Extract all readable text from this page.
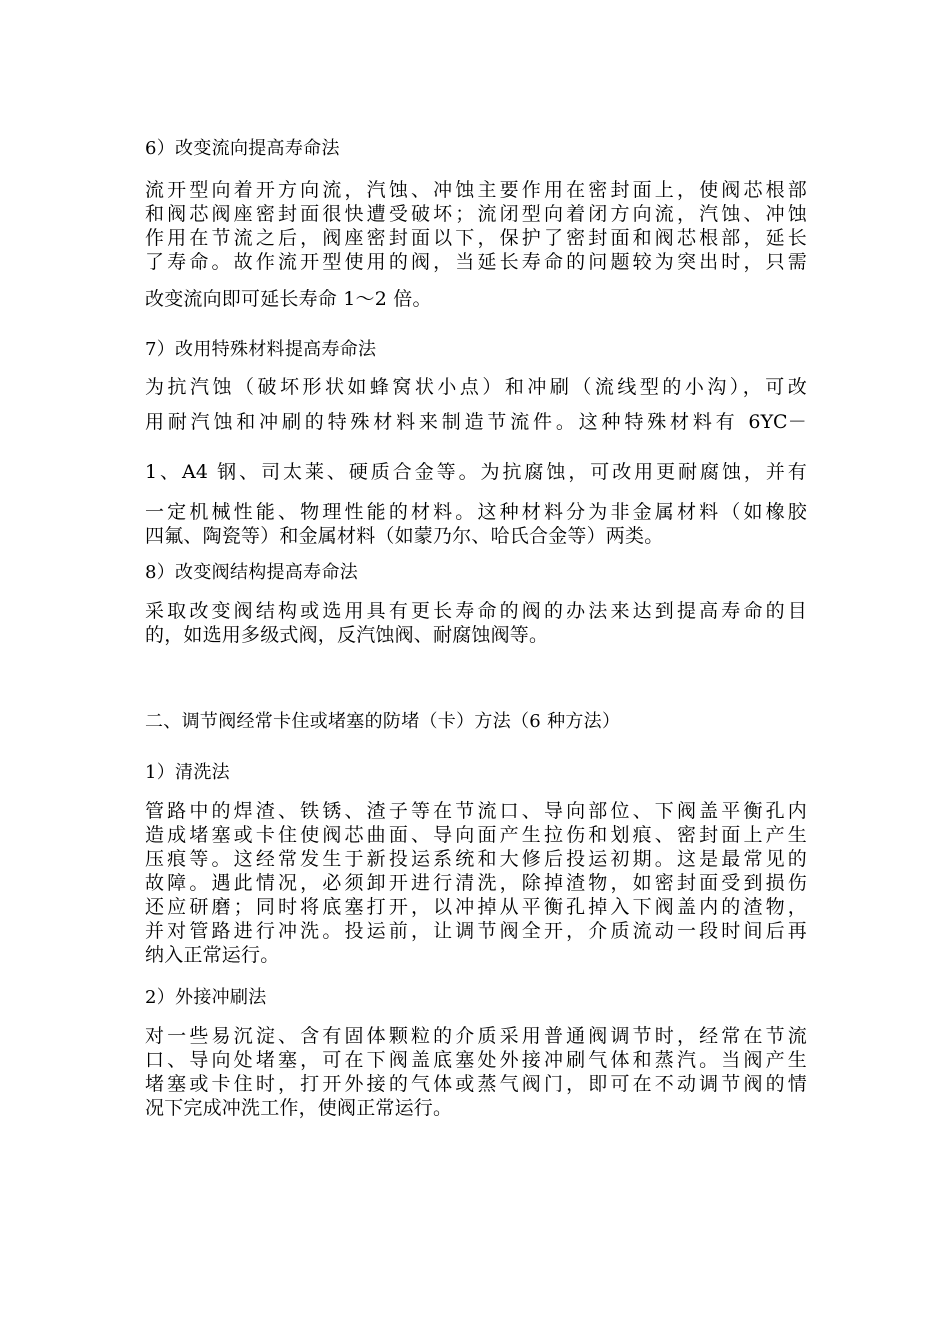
6）改变流向提高寿命法
流开型向着开方向流，汽蚀、冲蚀主要作用在密封面上，使阀芯根部
和阀芯阀座密封面很快遭受破坏；流闭型向着闭方向流，汽蚀、冲蚀
作用在节流之后，阀座密封面以下，保护了密封面和阀芯根部，延长
了寿命。故作流开型使用的阀，当延长寿命的问题较为突出时，只需
改变流向即可延长寿命 1～2 倍。
7）改用特殊材料提高寿命法
为抗汽蚀（破坏形状如蜂窝状小点）和冲刷（流线型的小沟），可改
用耐汽蚀和冲刷的特殊材料来制造节流件。这种特殊材料有 6YC－
1、A4 钢、司太莱、硬质合金等。为抗腐蚀，可改用更耐腐蚀，并有
一定机械性能、物理性能的材料。这种材料分为非金属材料（如橡胶
四氟、陶瓷等）和金属材料（如蒙乃尔、哈氏合金等）两类。
8）改变阀结构提高寿命法
采取改变阀结构或选用具有更长寿命的阀的办法来达到提高寿命的目
的，如选用多级式阀，反汽蚀阀、耐腐蚀阀等。
二、调节阀经常卡住或堵塞的防堵（卡）方法（6 种方法）
1）清洗法
管路中的焊渣、铁锈、渣子等在节流口、导向部位、下阀盖平衡孔内
造成堵塞或卡住使阀芯曲面、导向面产生拉伤和划痕、密封面上产生
压痕等。这经常发生于新投运系统和大修后投运初期。这是最常见的
故障。遇此情况，必须卸开进行清洗，除掉渣物，如密封面受到损伤
还应研磨；同时将底塞打开，以冲掉从平衡孔掉入下阀盖内的渣物，
并对管路进行冲洗。投运前，让调节阀全开，介质流动一段时间后再
纳入正常运行。
2）外接冲刷法
对一些易沉淀、含有固体颗粒的介质采用普通阀调节时，经常在节流
口、导向处堵塞，可在下阀盖底塞处外接冲刷气体和蒸汽。当阀产生
堵塞或卡住时，打开外接的气体或蒸气阀门，即可在不动调节阀的情
况下完成冲洗工作，使阀正常运行。
